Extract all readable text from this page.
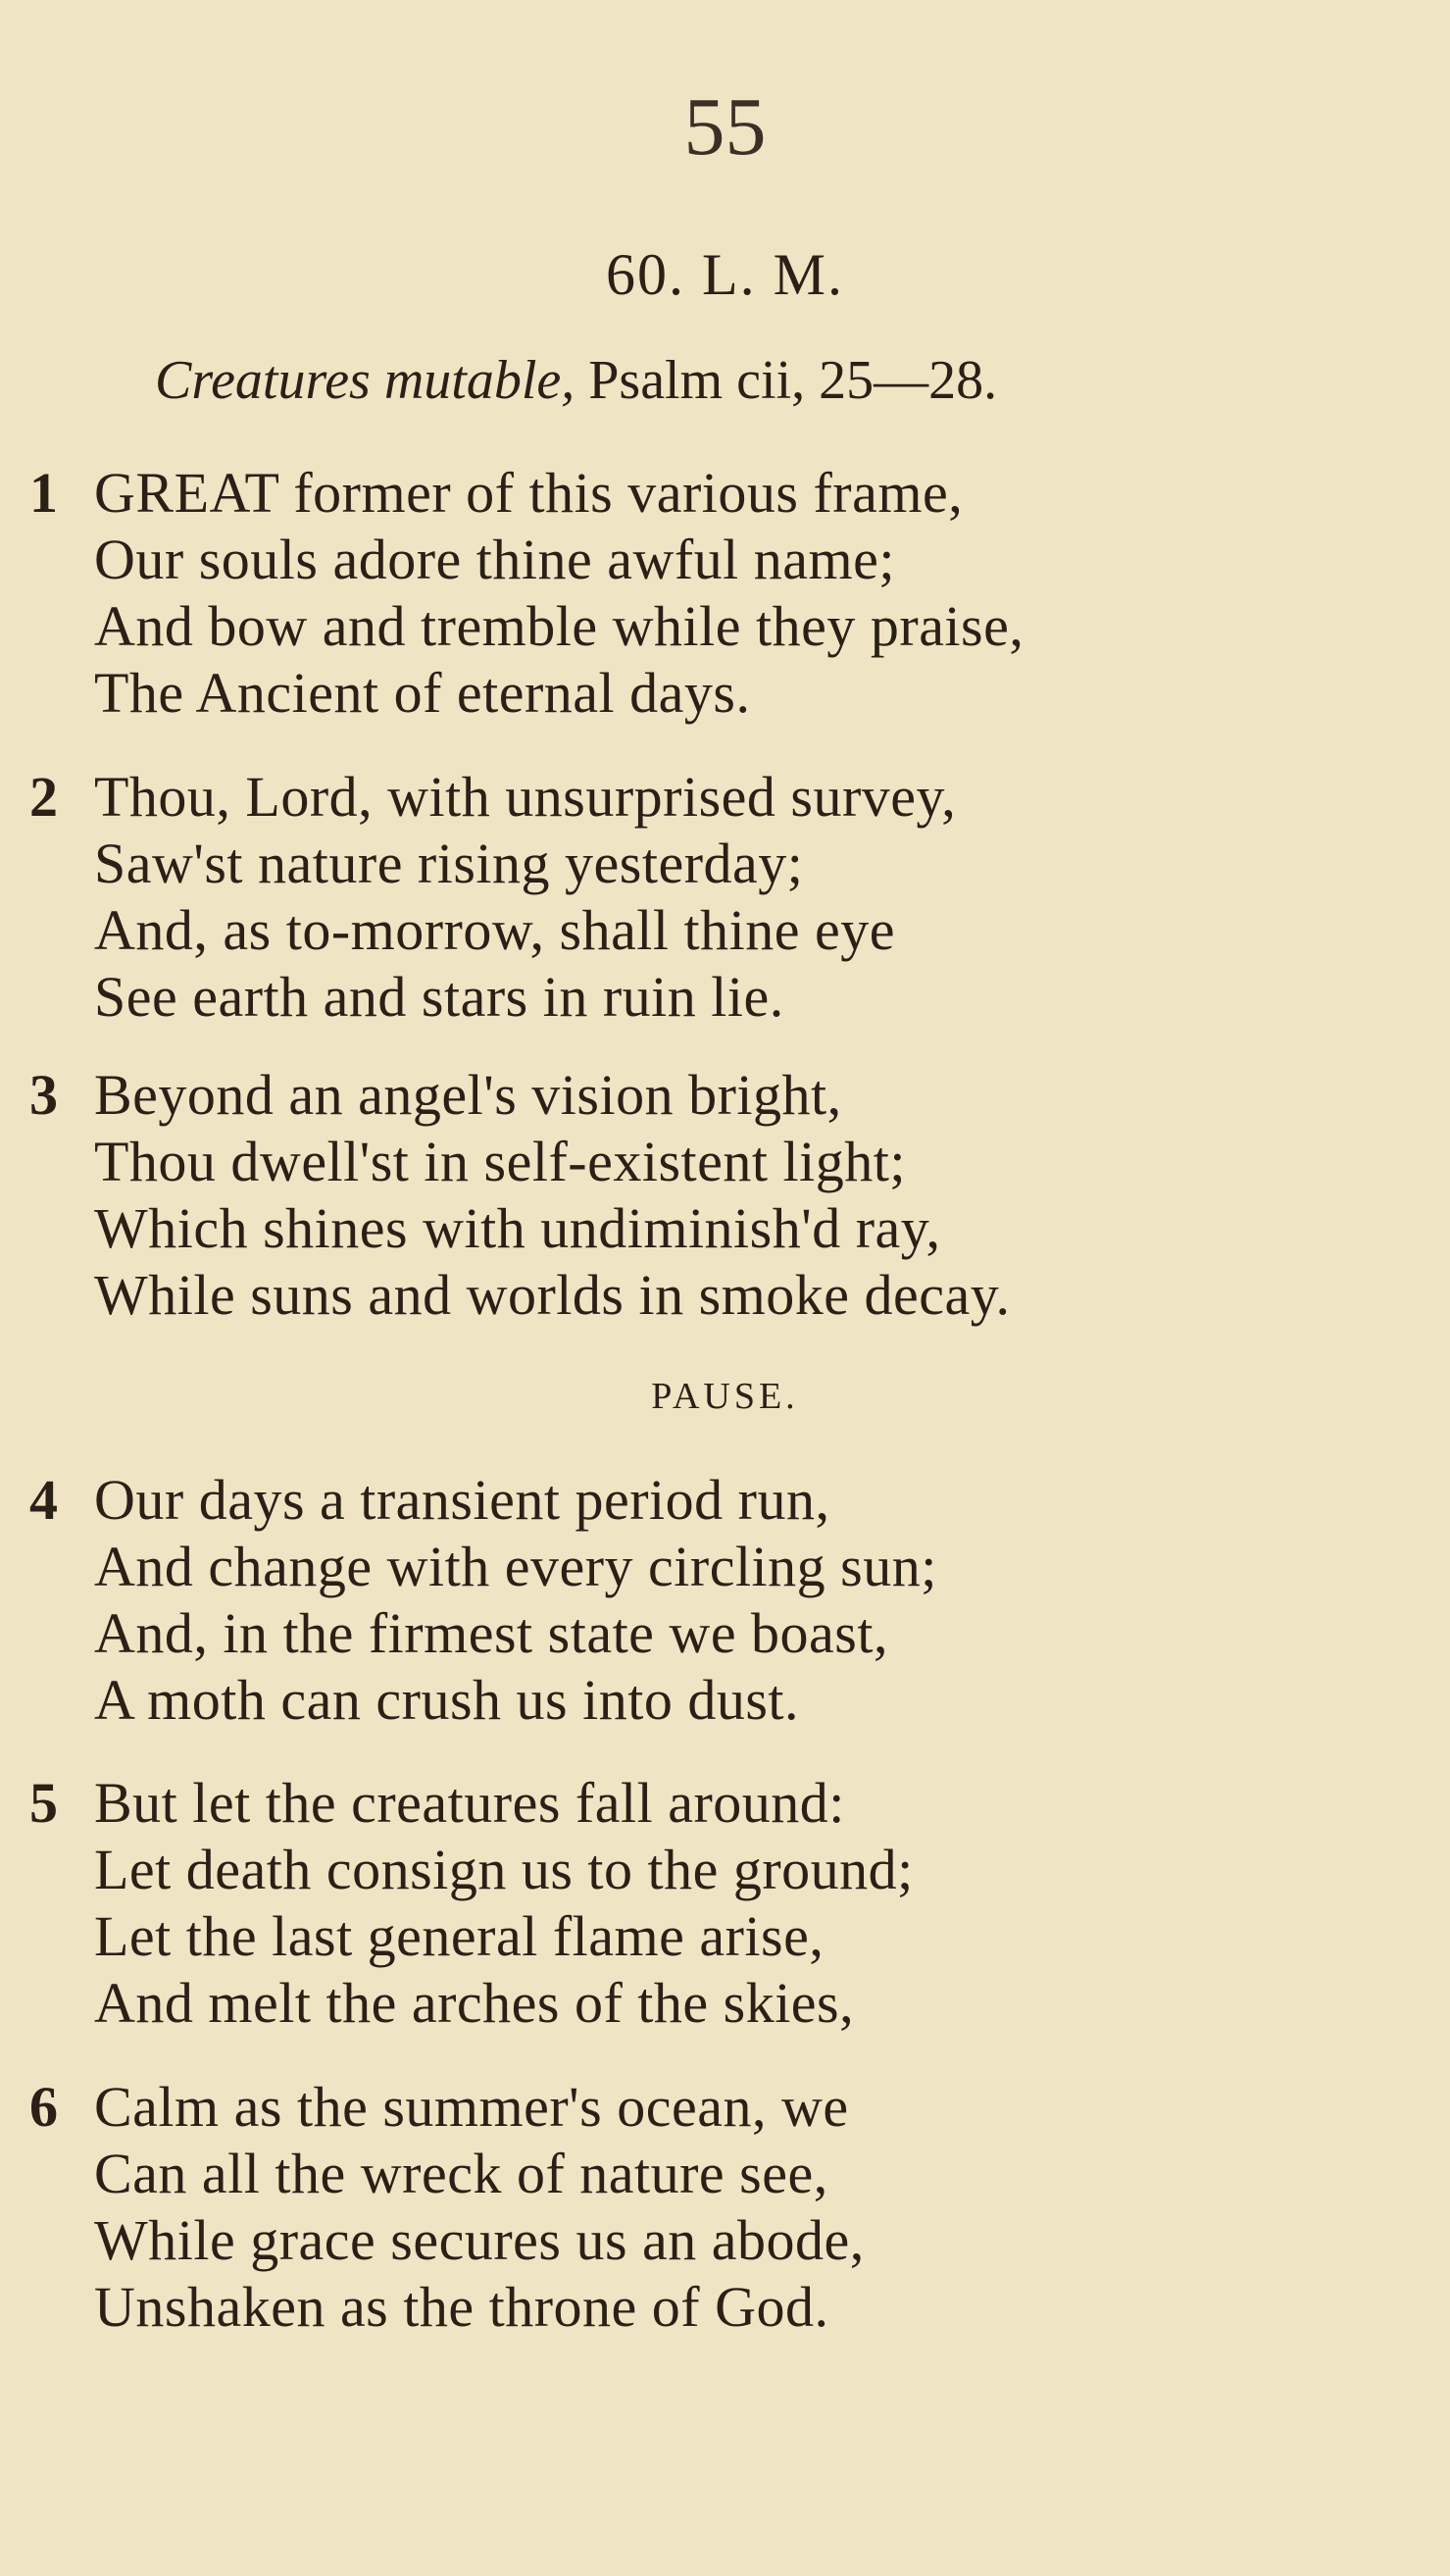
55
60. L. M.
Creatures mutable, Psalm cii, 25—28.
1 GREAT former of this various frame,
Our souls adore thine awful name;
And bow and tremble while they praise,
The Ancient of eternal days.
2 Thou, Lord, with unsurprised survey,
Saw'st nature rising yesterday;
And, as to-morrow, shall thine eye
See earth and stars in ruin lie.
3 Beyond an angel's vision bright,
Thou dwell'st in self-existent light;
Which shines with undiminish'd ray,
While suns and worlds in smoke decay.
PAUSE.
4 Our days a transient period run,
And change with every circling sun;
And, in the firmest state we boast,
A moth can crush us into dust.
5 But let the creatures fall around:
Let death consign us to the ground;
Let the last general flame arise,
And melt the arches of the skies,
6 Calm as the summer's ocean, we
Can all the wreck of nature see,
While grace secures us an abode,
Unshaken as the throne of God.
